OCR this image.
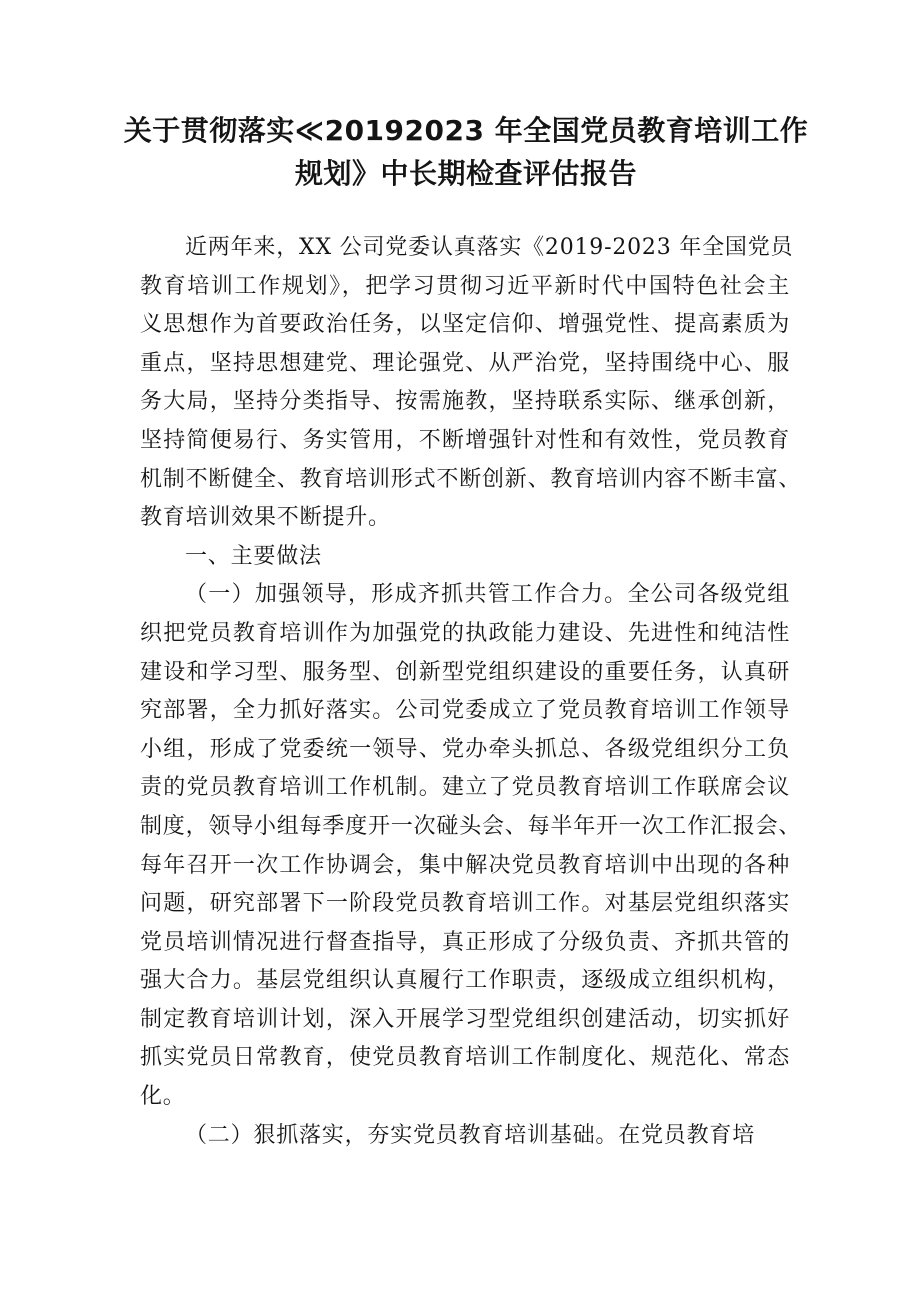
关于贯彻落实≪20192023 年全国党员教育培训工作
规划》中长期检查评估报告
近两年来，XX 公司党委认真落实《2019-2023 年全国党员
教育培训工作规划》，把学习贯彻习近平新时代中国特色社会主
义思想作为首要政治任务，以坚定信仰、增强党性、提高素质为
重点，坚持思想建党、理论强党、从严治党，坚持围绕中心、服
务大局，坚持分类指导、按需施教，坚持联系实际、继承创新，
坚持简便易行、务实管用，不断增强针对性和有效性，党员教育
机制不断健全、教育培训形式不断创新、教育培训内容不断丰富、
教育培训效果不断提升。
一、主要做法
（一）加强领导，形成齐抓共管工作合力。全公司各级党组
织把党员教育培训作为加强党的执政能力建设、先进性和纯洁性
建设和学习型、服务型、创新型党组织建设的重要任务，认真研
究部署，全力抓好落实。公司党委成立了党员教育培训工作领导
小组，形成了党委统一领导、党办牵头抓总、各级党组织分工负
责的党员教育培训工作机制。建立了党员教育培训工作联席会议
制度，领导小组每季度开一次碰头会、每半年开一次工作汇报会、
每年召开一次工作协调会，集中解决党员教育培训中出现的各种
问题，研究部署下一阶段党员教育培训工作。对基层党组织落实
党员培训情况进行督查指导，真正形成了分级负责、齐抓共管的
强大合力。基层党组织认真履行工作职责，逐级成立组织机构，
制定教育培训计划，深入开展学习型党组织创建活动，切实抓好
抓实党员日常教育，使党员教育培训工作制度化、规范化、常态
化。
（二）狠抓落实，夯实党员教育培训基础。在党员教育培
